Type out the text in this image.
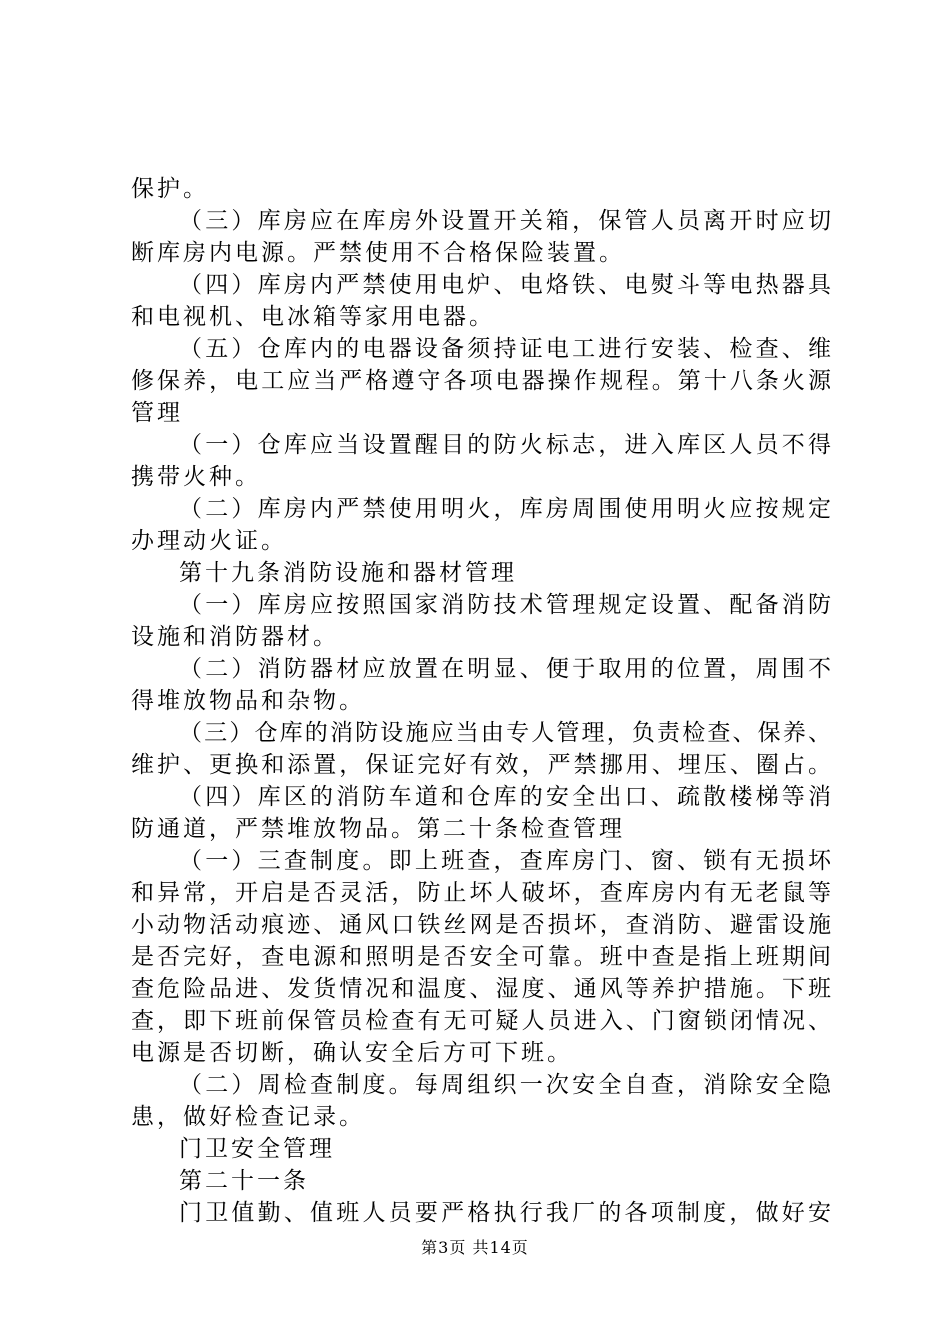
保护。
（三）库房应在库房外设置开关箱，保管人员离开时应切
断库房内电源。严禁使用不合格保险装置。
（四）库房内严禁使用电炉、电烙铁、电熨斗等电热器具
和电视机、电冰箱等家用电器。
（五）仓库内的电器设备须持证电工进行安装、检查、维
修保养，电工应当严格遵守各项电器操作规程。第十八条火源
管理
（一）仓库应当设置醒目的防火标志，进入库区人员不得
携带火种。
（二）库房内严禁使用明火，库房周围使用明火应按规定
办理动火证。
第十九条消防设施和器材管理
（一）库房应按照国家消防技术管理规定设置、配备消防
设施和消防器材。
（二）消防器材应放置在明显、便于取用的位置，周围不
得堆放物品和杂物。
（三）仓库的消防设施应当由专人管理，负责检查、保养、
维护、更换和添置，保证完好有效，严禁挪用、埋压、圈占。
（四）库区的消防车道和仓库的安全出口、疏散楼梯等消
防通道，严禁堆放物品。第二十条检查管理
（一）三查制度。即上班查，查库房门、窗、锁有无损坏
和异常，开启是否灵活，防止坏人破坏，查库房内有无老鼠等
小动物活动痕迹、通风口铁丝网是否损坏，查消防、避雷设施
是否完好，查电源和照明是否安全可靠。班中查是指上班期间
查危险品进、发货情况和温度、湿度、通风等养护措施。下班
查，即下班前保管员检查有无可疑人员进入、门窗锁闭情况、
电源是否切断，确认安全后方可下班。
（二）周检查制度。每周组织一次安全自查，消除安全隐
患，做好检查记录。
门卫安全管理
第二十一条
门卫值勤、值班人员要严格执行我厂的各项制度，做好安
第3页 共14页
